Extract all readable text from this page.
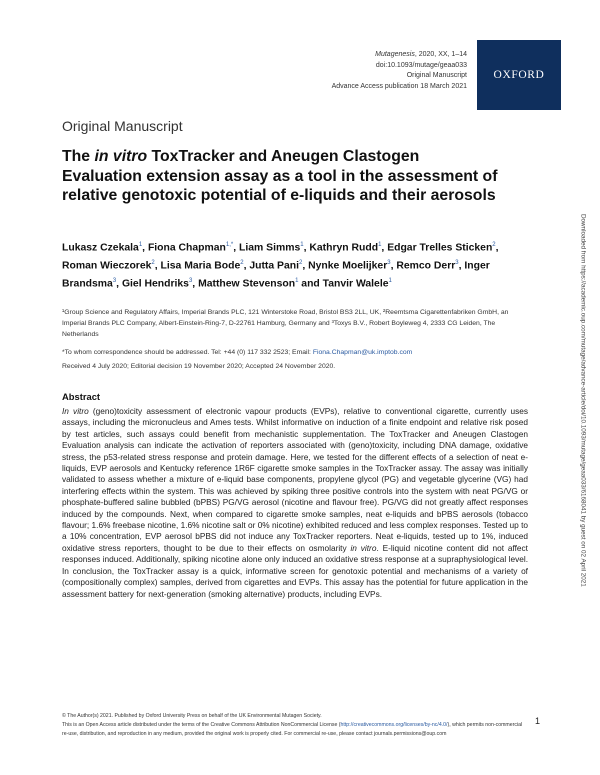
Mutagenesis, 2020, XX, 1–14
doi:10.1093/mutage/geaa033
Original Manuscript
Advance Access publication 18 March 2021
OXFORD
Downloaded from https://academic.oup.com/mutage/advance-article/doi/10.1093/mutage/geaa033/6168041 by guest on 02 April 2021
Original Manuscript
The in vitro ToxTracker and Aneugen Clastogen Evaluation extension assay as a tool in the assessment of relative genotoxic potential of e-liquids and their aerosols
Lukasz Czekala$^1$, Fiona Chapman$^{1,*}$, Liam Simms$^1$, Kathryn Rudd$^1$, Edgar Trelles Sticken$^2$, Roman Wieczorek$^2$, Lisa Maria Bode$^2$, Jutta Pani$^2$, Nynke Moelijker$^3$, Remco Derr$^3$, Inger Brandsma$^3$, Giel Hendriks$^3$, Matthew Stevenson$^1$ and Tanvir Walele$^1$
¹Group Science and Regulatory Affairs, Imperial Brands PLC, 121 Winterstoke Road, Bristol BS3 2LL, UK, ²Reemtsma Cigarettenfabriken GmbH, an Imperial Brands PLC Company, Albert-Einstein-Ring-7, D-22761 Hamburg, Germany and ³Toxys B.V., Robert Boyleweg 4, 2333 CG Leiden, The Netherlands
*To whom correspondence should be addressed. Tel: +44 (0) 117 332 2523; Email: Fiona.Chapman@uk.imptob.com
Received 4 July 2020; Editorial decision 19 November 2020; Accepted 24 November 2020.
Abstract
In vitro (geno)toxicity assessment of electronic vapour products (EVPs), relative to conventional cigarette, currently uses assays, including the micronucleus and Ames tests. Whilst informative on induction of a finite endpoint and relative risk posed by test articles, such assays could benefit from mechanistic supplementation. The ToxTracker and Aneugen Clastogen Evaluation analysis can indicate the activation of reporters associated with (geno)toxicity, including DNA damage, oxidative stress, the p53-related stress response and protein damage. Here, we tested for the different effects of a selection of neat e-liquids, EVP aerosols and Kentucky reference 1R6F cigarette smoke samples in the ToxTracker assay. The assay was initially validated to assess whether a mixture of e-liquid base components, propylene glycol (PG) and vegetable glycerine (VG) had interfering effects within the system. This was achieved by spiking three positive controls into the system with neat PG/VG or phosphate-buffered saline bubbled (bPBS) PG/VG aerosol (nicotine and flavour free). PG/VG did not greatly affect responses induced by the compounds. Next, when compared to cigarette smoke samples, neat e-liquids and bPBS aerosols (tobacco flavour; 1.6% freebase nicotine, 1.6% nicotine salt or 0% nicotine) exhibited reduced and less complex responses. Tested up to a 10% concentration, EVP aerosol bPBS did not induce any ToxTracker reporters. Neat e-liquids, tested up to 1%, induced oxidative stress reporters, thought to be due to their effects on osmolarity in vitro. E-liquid nicotine content did not affect responses induced. Additionally, spiking nicotine alone only induced an oxidative stress response at a supraphysiological level. In conclusion, the ToxTracker assay is a quick, informative screen for genotoxic potential and mechanisms of a variety of (compositionally complex) samples, derived from cigarettes and EVPs. This assay has the potential for future application in the assessment battery for next-generation (smoking alternative) products, including EVPs.
© The Author(s) 2021. Published by Oxford University Press on behalf of the UK Environmental Mutagen Society.
This is an Open Access article distributed under the terms of the Creative Commons Attribution NonCommercial License (http://creativecommons.org/licenses/by-nc/4.0/), which permits non-commercial re-use, distribution, and reproduction in any medium, provided the original work is properly cited. For commercial re-use, please contact journals.permissions@oup.com
1
